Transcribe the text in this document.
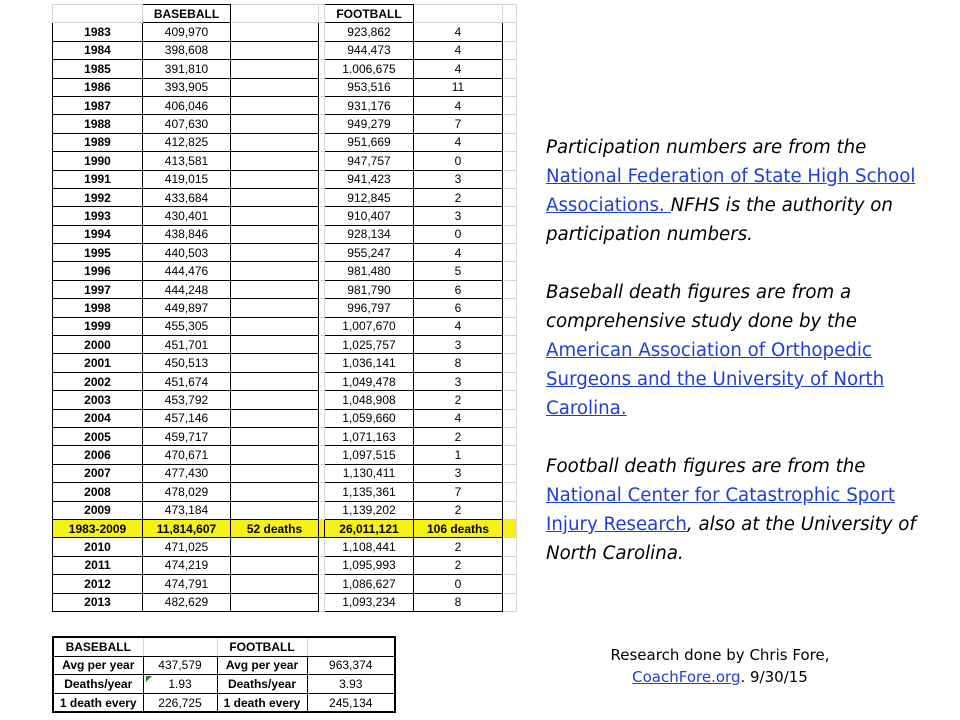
	BASEBALL			FOOTBALL		
1983	409,970			923,862	4	
1984	398,608			944,473	4	
1985	391,810			1.006,675	4	
1986	393,905			953,516	11	
1987	406,046			931,176	4	
1988	407,630			949,279	7	
1989	412,825			951,669	4	
1990	413,581			947,757	0	
1991	419,015			941,423	3	
1992	433,684			912,845	2	
1993	430,401			910,407	3	
1994	438,846			928,134	0	
1995	440,503			955,247	4	
1996	444,476			981,480	5	
1997	444,248			981,790	6	
1998	449,897			996,797	6	
1999	455,305			1,007,670	4	
2000	451,701			1,025,757	3	
2001	450,513			1,036,141	8	
2002	451,674			1,049,478	3	
2003	453,792			1,048,908	2	
2004	457,146			1,059,660	4	
2005	459,717			1,071,163	2	
2006	470,671			1,097,515	1	
2007	477,430			1,130,411	3	
2008	478,029			1,135,361	7	
2009	473,184			1,139,202	2	
1983-2009	11,814,607	52 deaths		26,011,121	106 deaths	
2010	471,025			1,108,441	2	
2011	474,219			1,095,993	2	
2012	474,791			1,086,627	0	
2013	482,629			1,093,234	8	
BASEBALL		FOOTBALL	
Avg per year	437,579	Avg per year	963,374
Deaths/year	1.93	Deaths/year	3.93
1 death every	226,725	1 death every	245,134

Participation numbers are from the National Federation of State High School Associations. NFHS is the authority on participation numbers.

Baseball death figures are from a comprehensive study done by the American Association of Orthopedic Surgeons and the University of North Carolina.

Football death figures are from the National Center for Catastrophic Sport Injury Research, also at the University of North Carolina.

Research done by Chris Fore,
CoachFore.org. 9/30/15
